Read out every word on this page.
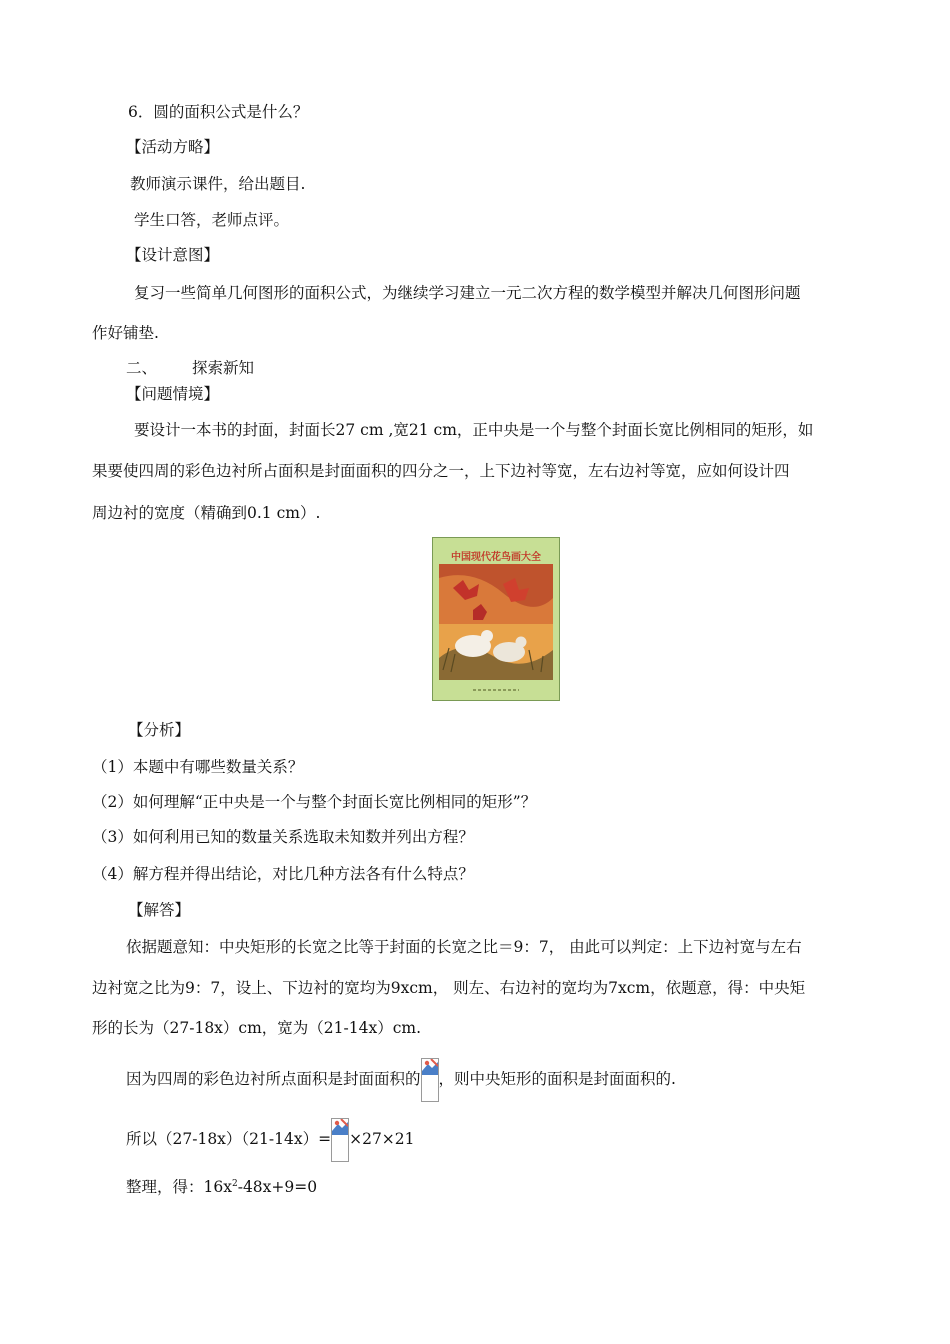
6．圆的面积公式是什么？
【活动方略】
教师演示课件，给出题目.
学生口答，老师点评。
【设计意图】
复习一些简单几何图形的面积公式，为继续学习建立一元二次方程的数学模型并解决几何图形问题
作好铺垫.
二、 探索新知
【问题情境】
要设计一本书的封面，封面长27 cm ,宽21 cm，正中央是一个与整个封面长宽比例相同的矩形，如
果要使四周的彩色边衬所占面积是封面面积的四分之一，上下边衬等宽，左右边衬等宽，应如何设计四
周边衬的宽度（精确到0.1 cm）.
中国现代花鸟画大全
【分析】
（1）本题中有哪些数量关系？
（2）如何理解“正中央是一个与整个封面长宽比例相同的矩形”？
（3）如何利用已知的数量关系选取未知数并列出方程？
（4）解方程并得出结论，对比几种方法各有什么特点？
【解答】
依据题意知：中央矩形的长宽之比等于封面的长宽之比＝9：7， 由此可以判定：上下边衬宽与左右
边衬宽之比为9：7，设上、下边衬的宽均为9xcm， 则左、右边衬的宽均为7xcm，依题意，得：中央矩
形的长为（27-18x）cm，宽为（21-14x）cm.
因为四周的彩色边衬所点面积是封面面积的 ，则中央矩形的面积是封面面积的.
所以（27-18x）（21-14x）= ×27×21
整理，得：$16x^2-48x+9=0$
